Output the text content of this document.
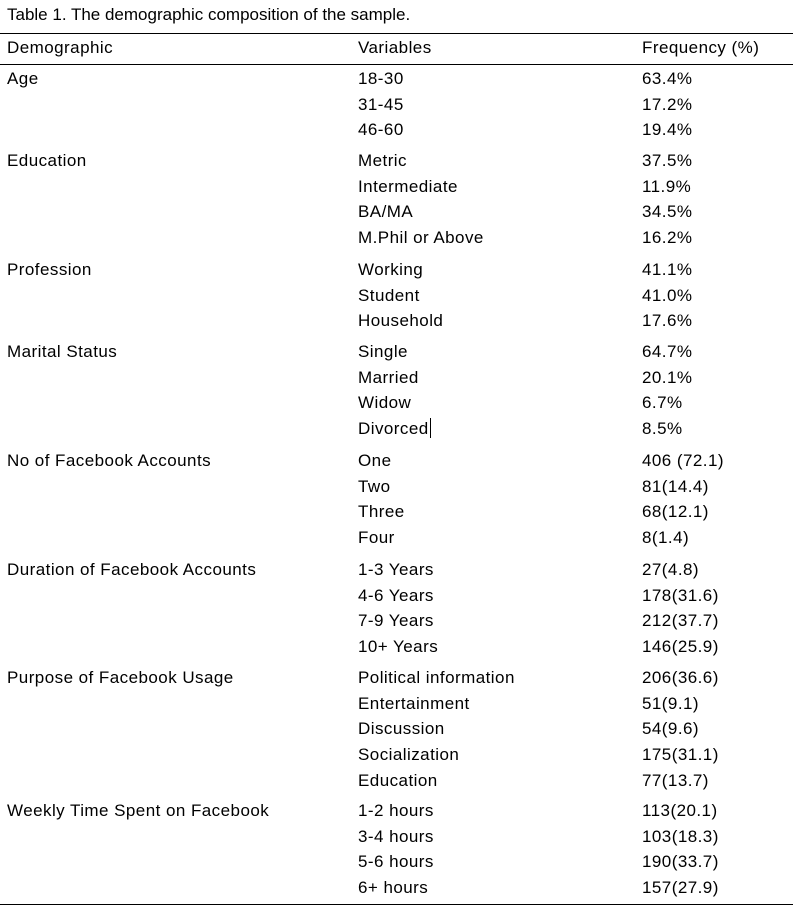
Table 1. The demographic composition of the sample.
Demographic	Variables	Frequency (%)
Age	18-30	63.4%
31-45	17.2%
46-60	19.4%
Education	Metric	37.5%
Intermediate	11.9%
BA/MA	34.5%
M.Phil or Above	16.2%
Profession	Working	41.1%
Student	41.0%
Household	17.6%
Marital Status	Single	64.7%
Married	20.1%
Widow	6.7%
Divorced	8.5%
No of Facebook Accounts	One	406 (72.1)
Two	81(14.4)
Three	68(12.1)
Four	8(1.4)
Duration of Facebook Accounts	1-3 Years	27(4.8)
4-6 Years	178(31.6)
7-9 Years	212(37.7)
10+ Years	146(25.9)
Purpose of Facebook Usage	Political information	206(36.6)
Entertainment	51(9.1)
Discussion	54(9.6)
Socialization	175(31.1)
Education	77(13.7)
Weekly Time Spent on Facebook	1-2 hours	113(20.1)
3-4 hours	103(18.3)
5-6 hours	190(33.7)
6+ hours	157(27.9)
